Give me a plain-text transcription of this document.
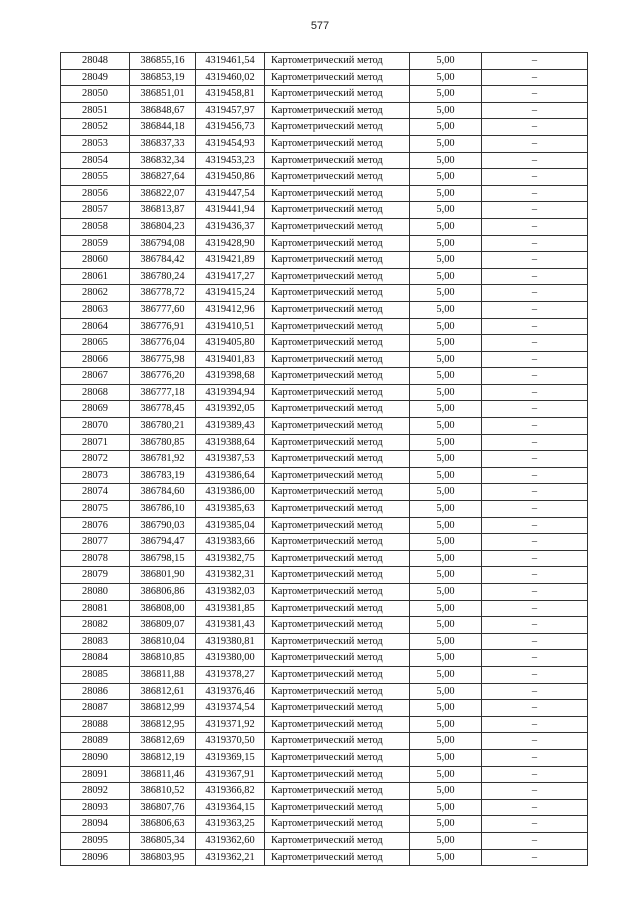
577
28048	386855,16	4319461,54	Картометрический метод	5,00	–
28049	386853,19	4319460,02	Картометрический метод	5,00	–
28050	386851,01	4319458,81	Картометрический метод	5,00	–
28051	386848,67	4319457,97	Картометрический метод	5,00	–
28052	386844,18	4319456,73	Картометрический метод	5,00	–
28053	386837,33	4319454,93	Картометрический метод	5,00	–
28054	386832,34	4319453,23	Картометрический метод	5,00	–
28055	386827,64	4319450,86	Картометрический метод	5,00	–
28056	386822,07	4319447,54	Картометрический метод	5,00	–
28057	386813,87	4319441,94	Картометрический метод	5,00	–
28058	386804,23	4319436,37	Картометрический метод	5,00	–
28059	386794,08	4319428,90	Картометрический метод	5,00	–
28060	386784,42	4319421,89	Картометрический метод	5,00	–
28061	386780,24	4319417,27	Картометрический метод	5,00	–
28062	386778,72	4319415,24	Картометрический метод	5,00	–
28063	386777,60	4319412,96	Картометрический метод	5,00	–
28064	386776,91	4319410,51	Картометрический метод	5,00	–
28065	386776,04	4319405,80	Картометрический метод	5,00	–
28066	386775,98	4319401,83	Картометрический метод	5,00	–
28067	386776,20	4319398,68	Картометрический метод	5,00	–
28068	386777,18	4319394,94	Картометрический метод	5,00	–
28069	386778,45	4319392,05	Картометрический метод	5,00	–
28070	386780,21	4319389,43	Картометрический метод	5,00	–
28071	386780,85	4319388,64	Картометрический метод	5,00	–
28072	386781,92	4319387,53	Картометрический метод	5,00	–
28073	386783,19	4319386,64	Картометрический метод	5,00	–
28074	386784,60	4319386,00	Картометрический метод	5,00	–
28075	386786,10	4319385,63	Картометрический метод	5,00	–
28076	386790,03	4319385,04	Картометрический метод	5,00	–
28077	386794,47	4319383,66	Картометрический метод	5,00	–
28078	386798,15	4319382,75	Картометрический метод	5,00	–
28079	386801,90	4319382,31	Картометрический метод	5,00	–
28080	386806,86	4319382,03	Картометрический метод	5,00	–
28081	386808,00	4319381,85	Картометрический метод	5,00	–
28082	386809,07	4319381,43	Картометрический метод	5,00	–
28083	386810,04	4319380,81	Картометрический метод	5,00	–
28084	386810,85	4319380,00	Картометрический метод	5,00	–
28085	386811,88	4319378,27	Картометрический метод	5,00	–
28086	386812,61	4319376,46	Картометрический метод	5,00	–
28087	386812,99	4319374,54	Картометрический метод	5,00	–
28088	386812,95	4319371,92	Картометрический метод	5,00	–
28089	386812,69	4319370,50	Картометрический метод	5,00	–
28090	386812,19	4319369,15	Картометрический метод	5,00	–
28091	386811,46	4319367,91	Картометрический метод	5,00	–
28092	386810,52	4319366,82	Картометрический метод	5,00	–
28093	386807,76	4319364,15	Картометрический метод	5,00	–
28094	386806,63	4319363,25	Картометрический метод	5,00	–
28095	386805,34	4319362,60	Картометрический метод	5,00	–
28096	386803,95	4319362,21	Картометрический метод	5,00	–
